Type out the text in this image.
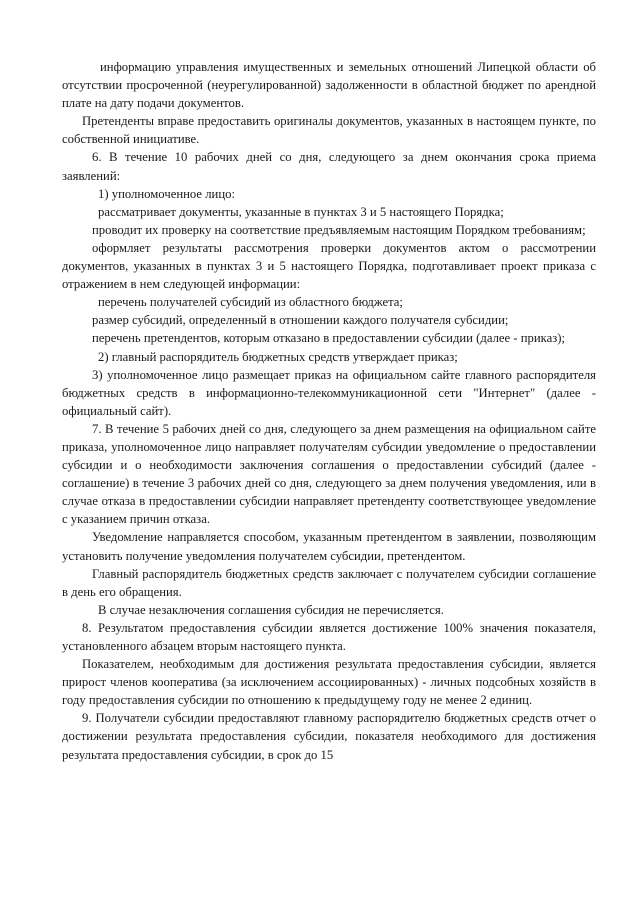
информацию управления имущественных и земельных отношений Липецкой области об отсутствии просроченной (неурегулированной) задолженности в областной бюджет по арендной плате на дату подачи документов.

Претенденты вправе предоставить оригиналы документов, указанных в настоящем пункте, по собственной инициативе.

6. В течение 10 рабочих дней со дня, следующего за днем окончания срока приема заявлений:

1) уполномоченное лицо:

рассматривает документы, указанные в пунктах 3 и 5 настоящего Порядка;

проводит их проверку на соответствие предъявляемым настоящим Порядком требованиям;

оформляет результаты рассмотрения проверки документов актом о рассмотрении документов, указанных в пунктах 3 и 5 настоящего Порядка, подготавливает проект приказа с отражением в нем следующей информации:

перечень получателей субсидий из областного бюджета;

размер субсидий, определенный в отношении каждого получателя субсидии;

перечень претендентов, которым отказано в предоставлении субсидии (далее - приказ);

2) главный распорядитель бюджетных средств утверждает приказ;

3) уполномоченное лицо размещает приказ на официальном сайте главного распорядителя бюджетных средств в информационно-телекоммуникационной сети "Интернет" (далее - официальный сайт).

7. В течение 5 рабочих дней со дня, следующего за днем размещения на официальном сайте приказа, уполномоченное лицо направляет получателям субсидии уведомление о предоставлении субсидии и о необходимости заключения соглашения о предоставлении субсидий (далее - соглашение) в течение 3 рабочих дней со дня, следующего за днем получения уведомления, или в случае отказа в предоставлении субсидии направляет претенденту соответствующее уведомление с указанием причин отказа.

Уведомление направляется способом, указанным претендентом в заявлении, позволяющим установить получение уведомления получателем субсидии, претендентом.

Главный распорядитель бюджетных средств заключает с получателем субсидии соглашение в день его обращения.

В случае незаключения соглашения субсидия не перечисляется.

8. Результатом предоставления субсидии является достижение 100% значения показателя, установленного абзацем вторым настоящего пункта.

Показателем, необходимым для достижения результата предоставления субсидии, является прирост членов кооператива (за исключением ассоциированных) - личных подсобных хозяйств в году предоставления субсидии по отношению к предыдущему году не менее 2 единиц.

9. Получатели субсидии предоставляют главному распорядителю бюджетных средств отчет о достижении результата предоставления субсидии, показателя необходимого для достижения результата предоставления субсидии, в срок до 15
